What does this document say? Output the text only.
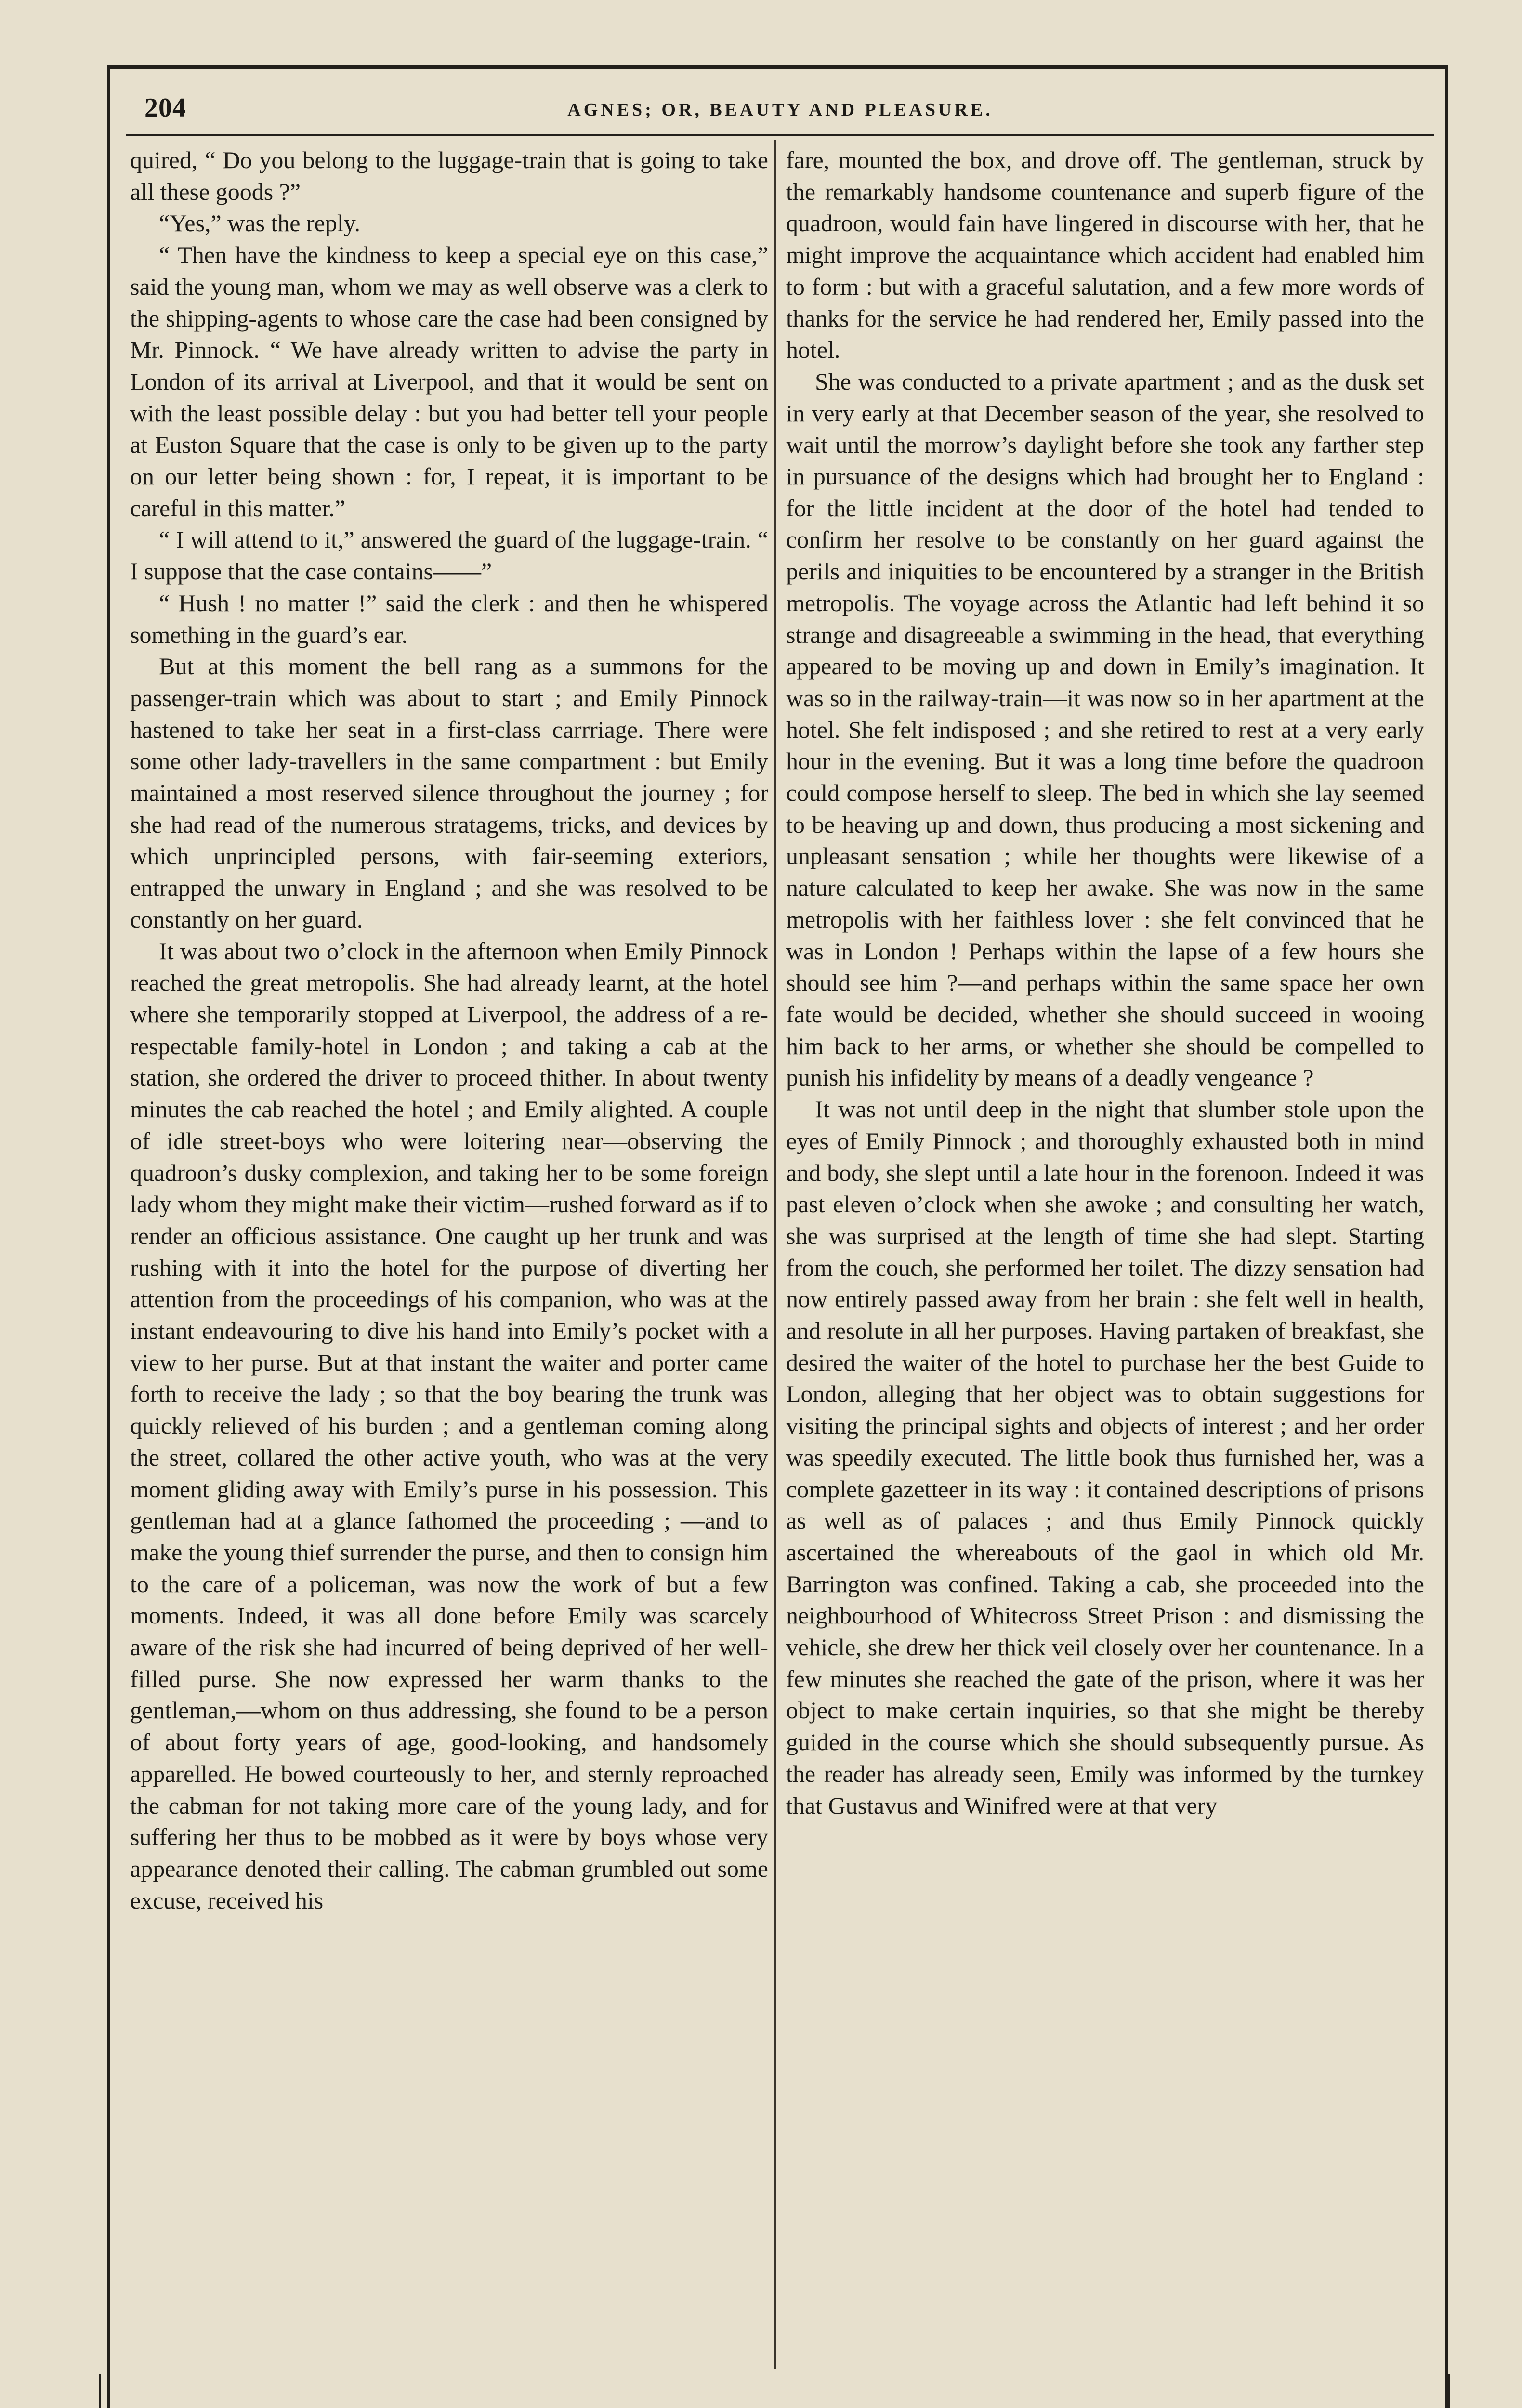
204	AGNES; OR, BEAUTY AND PLEASURE.

quired, “ Do you belong to the luggage-train that is going to take all these goods ?”

“Yes,” was the reply.

“ Then have the kindness to keep a special eye on this case,” said the young man, whom we may as well observe was a clerk to the shipping-agents to whose care the case had been consigned by Mr. Pinnock. “ We have already written to advise the party in London of its arrival at Liverpool, and that it would be sent on with the least possible delay : but you had better tell your people at Euston Square that the case is only to be given up to the party on our letter being shown : for, I repeat, it is important to be careful in this matter.”

“ I will attend to it,” answered the guard of the luggage-train. “ I suppose that the case contains——”

“ Hush ! no matter !” said the clerk : and then he whispered something in the guard’s ear.

But at this moment the bell rang as a summons for the passenger-train which was about to start ; and Emily Pinnock hastened to take her seat in a first-class carrriage. There were some other lady-travellers in the same compartment : but Emily maintained a most reserved silence throughout the journey ; for she had read of the numerous stratagems, tricks, and devices by which unprincipled persons, with fair-seeming exteriors, entrapped the unwary in England ; and she was resolved to be constantly on her guard.

It was about two o’clock in the afternoon when Emily Pinnock reached the great metropolis. She had already learnt, at the hotel where she temporarily stopped at Liverpool, the address of a re-respectable family-hotel in London ; and taking a cab at the station, she ordered the driver to proceed thither. In about twenty minutes the cab reached the hotel ; and Emily alighted. A couple of idle street-boys who were loitering near—observing the quadroon’s dusky complexion, and taking her to be some foreign lady whom they might make their victim—rushed forward as if to render an officious assistance. One caught up her trunk and was rushing with it into the hotel for the purpose of diverting her attention from the proceedings of his companion, who was at the instant endeavouring to dive his hand into Emily’s pocket with a view to her purse. But at that instant the waiter and porter came forth to receive the lady ; so that the boy bearing the trunk was quickly relieved of his burden ; and a gentleman coming along the street, collared the other active youth, who was at the very moment gliding away with Emily’s purse in his possession. This gentleman had at a glance fathomed the proceeding ; —and to make the young thief surrender the purse, and then to consign him to the care of a policeman, was now the work of but a few moments. Indeed, it was all done before Emily was scarcely aware of the risk she had incurred of being deprived of her well-filled purse. She now expressed her warm thanks to the gentleman,—whom on thus addressing, she found to be a person of about forty years of age, good-looking, and handsomely apparelled. He bowed courteously to her, and sternly reproached the cabman for not taking more care of the young lady, and for suffering her thus to be mobbed as it were by boys whose very appearance denoted their calling. The cabman grumbled out some excuse, received his

fare, mounted the box, and drove off. The gentleman, struck by the remarkably handsome countenance and superb figure of the quadroon, would fain have lingered in discourse with her, that he might improve the acquaintance which accident had enabled him to form : but with a graceful salutation, and a few more words of thanks for the service he had rendered her, Emily passed into the hotel.

She was conducted to a private apartment ; and as the dusk set in very early at that December season of the year, she resolved to wait until the morrow’s daylight before she took any farther step in pursuance of the designs which had brought her to England : for the little incident at the door of the hotel had tended to confirm her resolve to be constantly on her guard against the perils and iniquities to be encountered by a stranger in the British metropolis. The voyage across the Atlantic had left behind it so strange and disagreeable a swimming in the head, that everything appeared to be moving up and down in Emily’s imagination. It was so in the railway-train—it was now so in her apartment at the hotel. She felt indisposed ; and she retired to rest at a very early hour in the evening. But it was a long time before the quadroon could compose herself to sleep. The bed in which she lay seemed to be heaving up and down, thus producing a most sickening and unpleasant sensation ; while her thoughts were likewise of a nature calculated to keep her awake. She was now in the same metropolis with her faithless lover : she felt convinced that he was in London ! Perhaps within the lapse of a few hours she should see him ?—and perhaps within the same space her own fate would be decided, whether she should succeed in wooing him back to her arms, or whether she should be compelled to punish his infidelity by means of a deadly vengeance ?

It was not until deep in the night that slumber stole upon the eyes of Emily Pinnock ; and thoroughly exhausted both in mind and body, she slept until a late hour in the forenoon. Indeed it was past eleven o’clock when she awoke ; and consulting her watch, she was surprised at the length of time she had slept. Starting from the couch, she performed her toilet. The dizzy sensation had now entirely passed away from her brain : she felt well in health, and resolute in all her purposes. Having partaken of breakfast, she desired the waiter of the hotel to purchase her the best Guide to London, alleging that her object was to obtain suggestions for visiting the principal sights and objects of interest ; and her order was speedily executed. The little book thus furnished her, was a complete gazetteer in its way : it contained descriptions of prisons as well as of palaces ; and thus Emily Pinnock quickly ascertained the whereabouts of the gaol in which old Mr. Barrington was confined. Taking a cab, she proceeded into the neighbourhood of Whitecross Street Prison : and dismissing the vehicle, she drew her thick veil closely over her countenance. In a few minutes she reached the gate of the prison, where it was her object to make certain inquiries, so that she might be thereby guided in the course which she should subsequently pursue. As the reader has already seen, Emily was informed by the turnkey that Gustavus and Winifred were at that very
